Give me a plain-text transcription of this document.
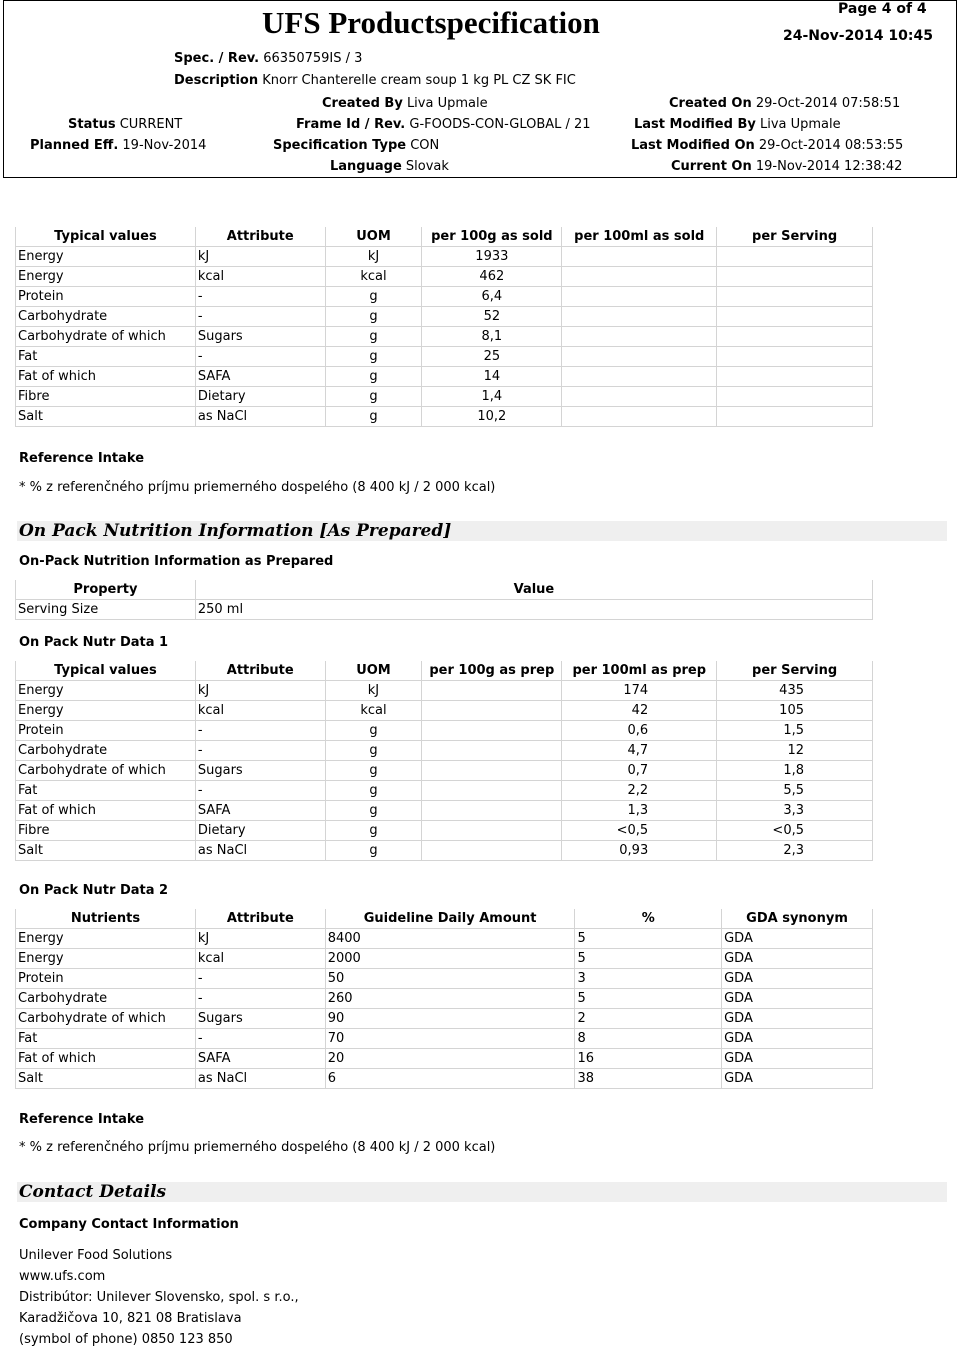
Page 4 of 4
UFS Productspecification	24-Nov-2014 10:45
Spec. / Rev. 66350759IS / 3
Description Knorr Chanterelle cream soup 1 kg PL CZ SK FIC
Created By Liva Upmale	Created On 29-Oct-2014 07:58:51
Status CURRENT	Frame Id / Rev. G-FOODS-CON-GLOBAL / 21	Last Modified By Liva Upmale
Planned Eff. 19-Nov-2014	Specification Type CON	Last Modified On 29-Oct-2014 08:53:55
Language Slovak	Current On 19-Nov-2014 12:38:42
Typical values	Attribute	UOM	per 100g as sold	per 100ml as sold	per Serving
Energy	kJ	kJ	1933		
Energy	kcal	kcal	462		
Protein	-	g	6,4		
Carbohydrate	-	g	52		
Carbohydrate of which	Sugars	g	8,1		
Fat	-	g	25		
Fat of which	SAFA	g	14		
Fibre	Dietary	g	1,4		
Salt	as NaCl	g	10,2		
Reference Intake
* % z referenčného príjmu priemerného dospelého (8 400 kJ / 2 000 kcal)
On Pack Nutrition Information [As Prepared]
On-Pack Nutrition Information as Prepared
Property	Value
Serving Size	250 ml
On Pack Nutr Data 1
Typical values	Attribute	UOM	per 100g as prep	per 100ml as prep	per Serving
Energy	kJ	kJ		174	435
Energy	kcal	kcal		42	105
Protein	-	g		0,6	1,5
Carbohydrate	-	g		4,7	12
Carbohydrate of which	Sugars	g		0,7	1,8
Fat	-	g		2,2	5,5
Fat of which	SAFA	g		1,3	3,3
Fibre	Dietary	g		<0,5	<0,5
Salt	as NaCl	g		0,93	2,3
On Pack Nutr Data 2
Nutrients	Attribute	Guideline Daily Amount	%	GDA synonym
Energy	kJ	8400	5	GDA
Energy	kcal	2000	5	GDA
Protein	-	50	3	GDA
Carbohydrate	-	260	5	GDA
Carbohydrate of which	Sugars	90	2	GDA
Fat	-	70	8	GDA
Fat of which	SAFA	20	16	GDA
Salt	as NaCl	6	38	GDA
Reference Intake
* % z referenčného príjmu priemerného dospelého (8 400 kJ / 2 000 kcal)
Contact Details
Company Contact Information
Unilever Food Solutions
www.ufs.com
Distribútor: Unilever Slovensko, spol. s r.o.,
Karadžičova 10, 821 08 Bratislava
(symbol of phone) 0850 123 850
